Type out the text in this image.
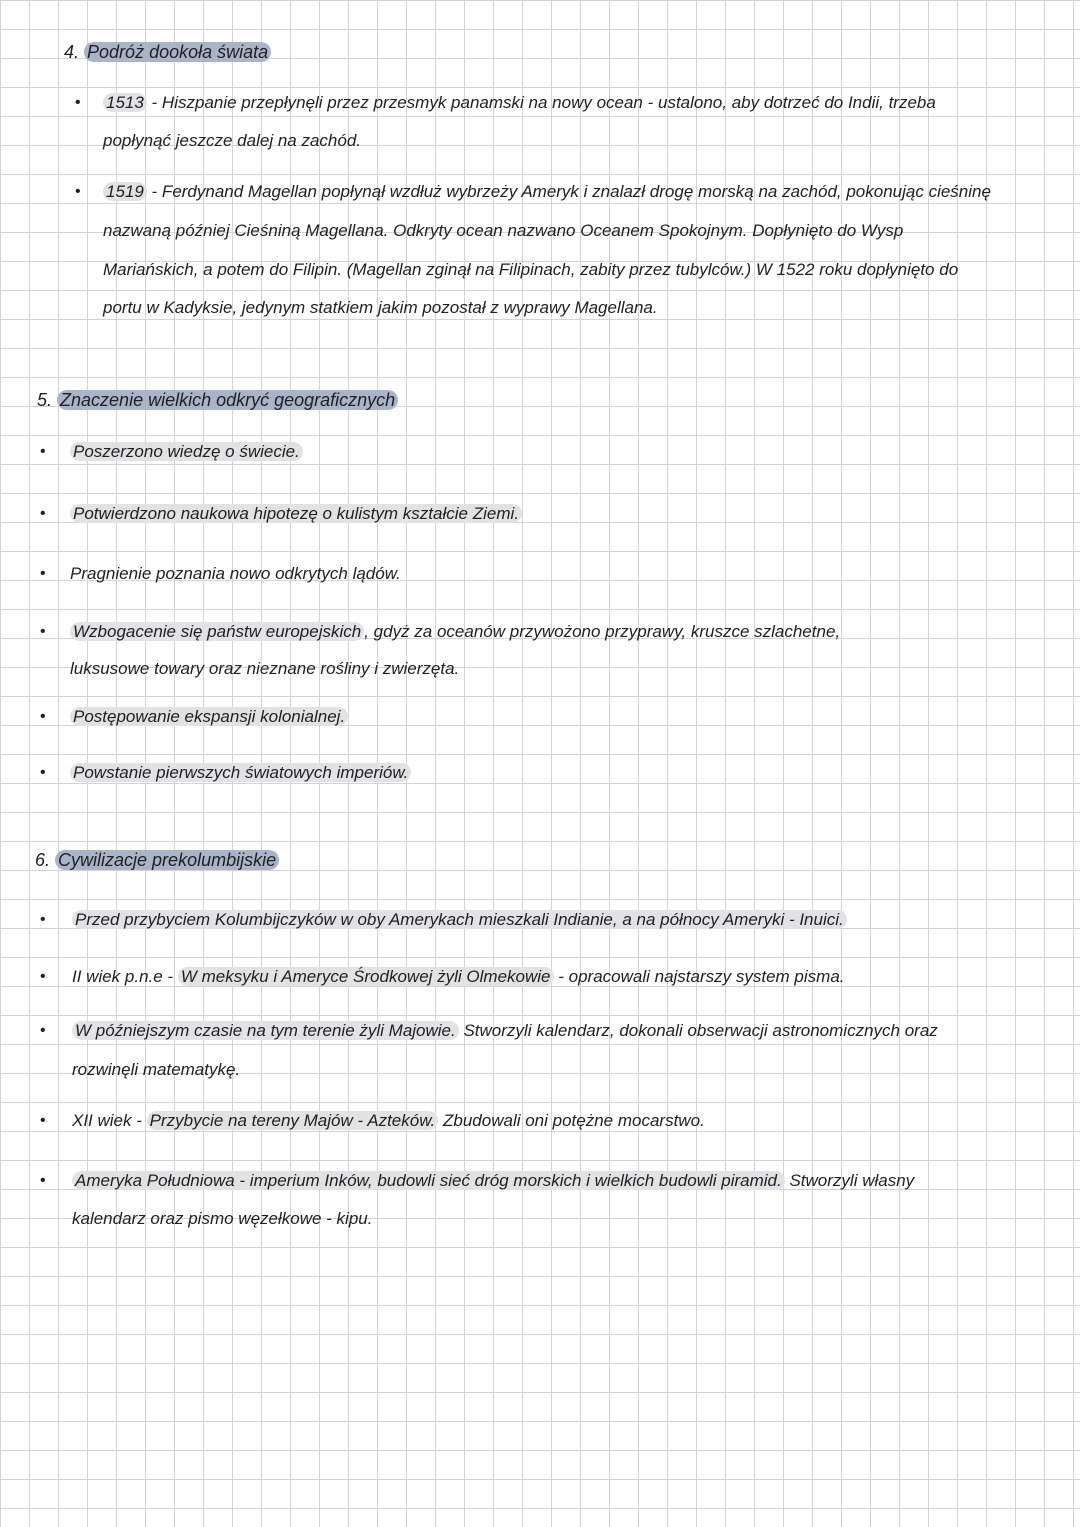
4. Podróż dookoła świata
• 1513 - Hiszpanie przepłynęli przez przesmyk panamski na nowy ocean - ustalono, aby dotrzeć do Indii, trzeba
popłynąć jeszcze dalej na zachód.
• 1519 - Ferdynand Magellan popłynął wzdłuż wybrzeży Ameryk i znalazł drogę morską na zachód, pokonując cieśninę
nazwaną później Cieśniną Magellana. Odkryty ocean nazwano Oceanem Spokojnym. Dopłynięto do Wysp
Mariańskich, a potem do Filipin. (Magellan zginął na Filipinach, zabity przez tubylców.) W 1522 roku dopłynięto do
portu w Kadyksie, jedynym statkiem jakim pozostał z wyprawy Magellana.
5. Znaczenie wielkich odkryć geograficznych
• Poszerzono wiedzę o świecie.
• Potwierdzono naukowa hipotezę o kulistym kształcie Ziemi.
• Pragnienie poznania nowo odkrytych lądów.
• Wzbogacenie się państw europejskich , gdyż za oceanów przywożono przyprawy, kruszce szlachetne,
luksusowe towary oraz nieznane rośliny i zwierzęta.
• Postępowanie ekspansji kolonialnej.
• Powstanie pierwszych światowych imperiów.
6. Cywilizacje prekolumbijskie
• Przed przybyciem Kolumbijczyków w oby Amerykach mieszkali Indianie, a na północy Ameryki - Inuici.
• II wiek p.n.e - W meksyku i Ameryce Środkowej żyli Olmekowie - opracowali najstarszy system pisma.
• W późniejszym czasie na tym terenie żyli Majowie. Stworzyli kalendarz, dokonali obserwacji astronomicznych oraz
rozwinęli matematykę.
• XII wiek - Przybycie na tereny Majów - Azteków. Zbudowali oni potężne mocarstwo.
• Ameryka Południowa - imperium Inków, budowli sieć dróg morskich i wielkich budowli piramid. Stworzyli własny
kalendarz oraz pismo węzełkowe - kipu.
